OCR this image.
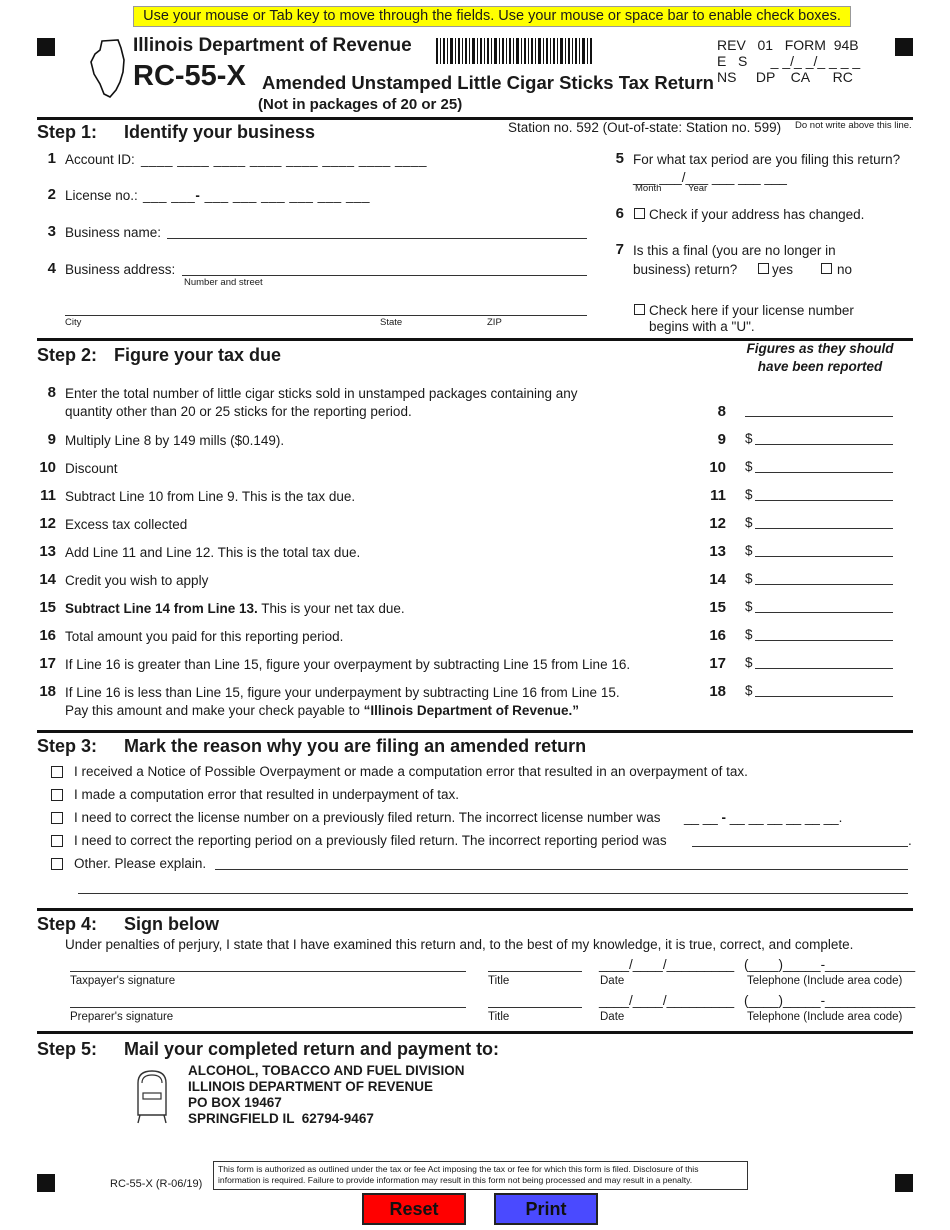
Use your mouse or Tab key to move through the fields. Use your mouse or space bar to enable check boxes.
Illinois Department of Revenue
RC-55-X Amended Unstamped Little Cigar Sticks Tax Return
(Not in packages of 20 or 25)
REV   01   FORM  94B
E   S      _ _/_ _/_ _ _ _
NS     DP    CA      RC
Station no. 592 (Out-of-state: Station no. 599) Do not write above this line.
Step 1: Identify your business
1 Account ID: ____ ____ ____ ____ ____ ____ ____ ____
2 License no.: ___ ___- ___ ___ ___ ___ ___ ___
3 Business name:
4 Business address:
Number and street
City	State	ZIP
5 For what tax period are you filing this return?
___ ___/___ ___ ___ ___
Month	Year
6 Check if your address has changed.
7 Is this a final (you are no longer in
business) return?	yes	no
Check here if your license number
begins with a "U".
Step 2: Figure your tax due	Figures as they should
have been reported
8 Enter the total number of little cigar sticks sold in unstamped packages containing any
quantity other than 20 or 25 sticks for the reporting period.	8
9 Multiply Line 8 by 149 mills ($0.149).	9 $
10 Discount	10 $
11 Subtract Line 10 from Line 9. This is the tax due.	11 $
12 Excess tax collected	12 $
13 Add Line 11 and Line 12. This is the total tax due.	13 $
14 Credit you wish to apply	14 $
15 Subtract Line 14 from Line 13. This is your net tax due.	15 $
16 Total amount you paid for this reporting period.	16 $
17 If Line 16 is greater than Line 15, figure your overpayment by subtracting Line 15 from Line 16.	17 $
18 If Line 16 is less than Line 15, figure your underpayment by subtracting Line 16 from Line 15.
Pay this amount and make your check payable to “Illinois Department of Revenue.”
18 $
Step 3: Mark the reason why you are filing an amended return
I received a Notice of Possible Overpayment or made a computation error that resulted in an overpayment of tax.
I made a computation error that resulted in underpayment of tax.
I need to correct the license number on a previously filed return. The incorrect license number was __ __ - __ __ __ __ __ __.
I need to correct the reporting period on a previously filed return. The incorrect reporting period was	.
Other. Please explain.
Step 4: Sign below
Under penalties of perjury, I state that I have examined this return and, to the best of my knowledge, it is true, correct, and complete.
Taxpayer's signature	Title
____/____/_________
Date
(____)_____-____________
Telephone (Include area code)
Preparer's signature	Title
____/____/_________
Date
(____)_____-____________
Telephone (Include area code)
Step 5: Mail your completed return and payment to:
ALCOHOL, TOBACCO AND FUEL DIVISION
ILLINOIS DEPARTMENT OF REVENUE
PO BOX 19467
SPRINGFIELD IL  62794-9467
RC-55-X (R-06/19)
This form is authorized as outlined under the tax or fee Act imposing the tax or fee for which this form is filed. Disclosure of this
information is required. Failure to provide information may result in this form not being processed and may result in a penalty.
Reset	Print
